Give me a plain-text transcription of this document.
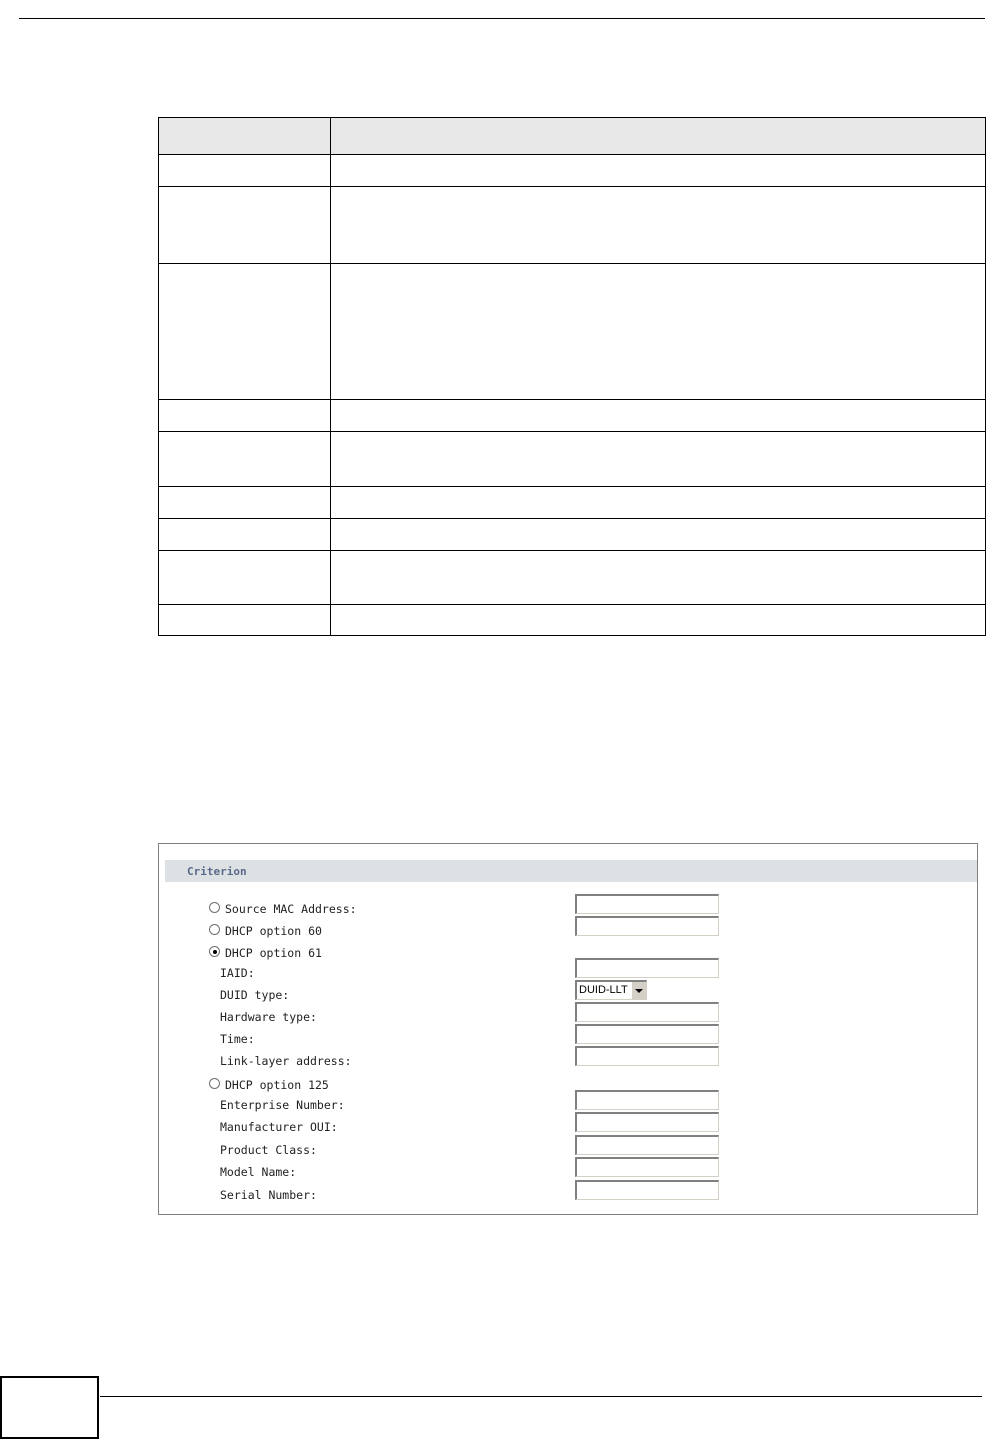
Criterion
Source MAC Address:
DHCP option 60
DHCP option 61
IAID:
DUID type:	DUID-LLT
Hardware type:
Time:
Link-layer address:
DHCP option 125
Enterprise Number:
Manufacturer OUI:
Product Class:
Model Name:
Serial Number:
